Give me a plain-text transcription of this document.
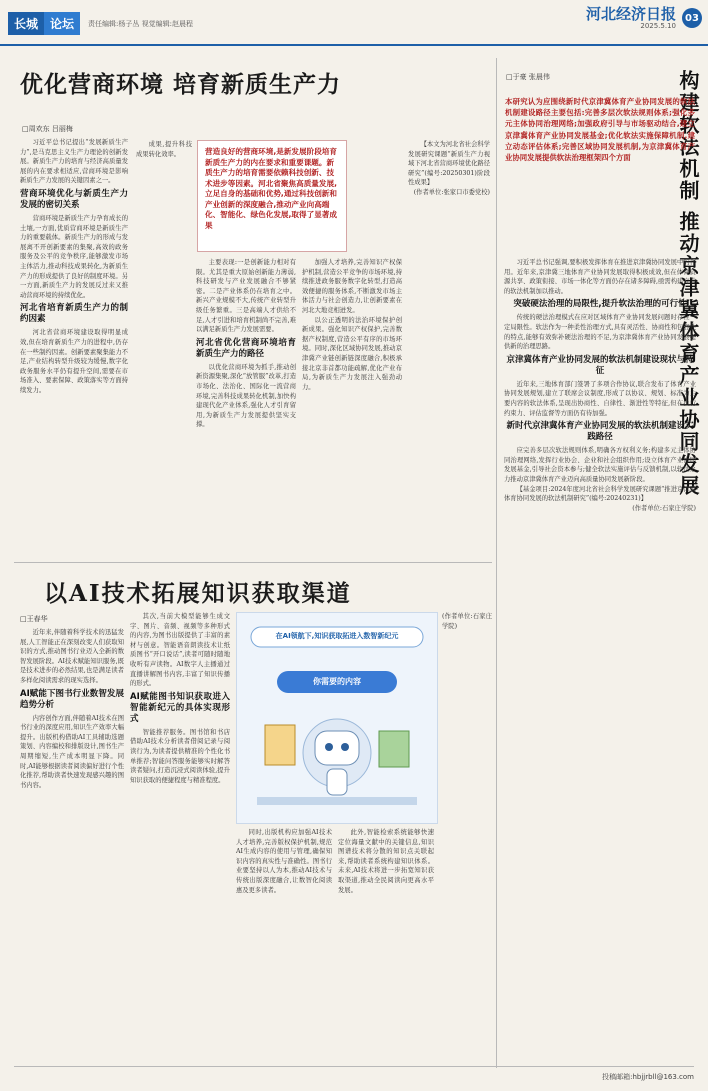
长城	论坛	责任编辑:杨子丛 视觉编辑:赵晨程
河北经济日报
2025.5.10
03
优化营商环境 培育新质生产力
□周欢东 吕丽梅

习近平总书记提出“发展新质生产力”,是马克思主义生产力理论的创新发展。新质生产力的培育与经济高质量发展的内在要求相适应,营商环境是影响新质生产力发展的关键因素之一。

营商环境优化与新质生产力发展的密切关系

营商环境是新质生产力孕育成长的土壤,一方面,优质营商环境是新质生产力的重要载体。新质生产力的形成与发展离不开创新要素的集聚,高效的政务服务及公平的竞争秩序,能够激发市场主体活力,推动科技成果转化,为新质生产力的形成提供了良好的制度环境。另一方面,新质生产力的发展反过来又推动营商环境的持续优化。

河北省培育新质生产力的制约因素

河北省营商环境建设取得明显成效,但在培育新质生产力的进程中,仍存在一些制约因素。创新要素聚集能力不足,产业结构转型升级较为缓慢,数字化政务服务水平仍有提升空间,需要在市场准入、要素保障、政策落实等方面持续发力。

营造良好的营商环境,是新发展阶段培育新质生产力的内在要求和重要课题。新质生产力的培育需要依赖科技创新、技术进步等因素。河北省聚焦高质量发展,立足自身的基础和优势,通过科技创新和产业创新的深度融合,推动产业向高端化、智能化、绿色化发展,取得了显著成果

成果,提升科技成果转化效率。

主要表现:一是创新能力相对有限。尤其是重大原始创新能力薄弱,科技研发与产业发展融合不够紧密。二是产业体系仍在培育之中。新兴产业规模不大,传统产业转型升级任务繁重。三是高端人才供给不足,人才引进和培育机制尚不完善,难以满足新质生产力发展需要。

河北省优化营商环境培育新质生产力的路径

以优化营商环境为抓手,推动创新资源集聚,深化“放管服”改革,打造市场化、法治化、国际化一流营商环境,完善科技成果转化机制,加快构建现代化产业体系,强化人才引育留用,为新质生产力发展提供坚实支撑。

加强人才培养,完善知识产权保护机制,营造公平竞争的市场环境,持续推进政务服务数字化转型,打造高效便捷的服务体系,不断激发市场主体活力与社会创造力,让创新要素在河北大地竞相迸发。

以公正透明的法治环境保护创新成果。强化知识产权保护,完善数据产权制度,营造公平有序的市场环境。同时,深化区域协同发展,推动京津冀产业链创新链深度融合,积极承接北京非首都功能疏解,优化产业布局,为新质生产力发展注入强劲动力。

【本文为河北省社会科学发展研究课题“新质生产力视域下河北省营商环境优化路径研究”(编号:20250301)阶段性成果】

(作者单位:张家口市委党校)
以AI技术拓展知识获取渠道
□王春华

近年来,伴随着科学技术的迅猛发展,人工智能正在深刻改变人们获取知识的方式,推动图书行业迈入全新的数智发展阶段。AI技术赋能知识服务,既是技术进步的必然结果,也是满足读者多样化阅读需求的现实选择。

AI赋能下图书行业数智发展趋势分析

内容创作方面,伴随着AI技术在图书行业的深度应用,知识生产效率大幅提升。出版机构借助AI工具辅助选题策划、内容编校和排版设计,图书生产周期缩短,生产成本明显下降。同时,AI能够根据读者阅读偏好进行个性化推荐,帮助读者快速发现感兴趣的图书内容。

其次,当前大模型能够生成文字、图片、音频、视频等多种形式的内容,为图书出版提供了丰富的素材与创意。智能语音朗读技术让纸质图书“开口说话”,读者可随时随地收听有声读物。AI数字人主播通过直播讲解图书内容,丰富了知识传播的形式。

AI赋能图书知识获取进入智能新纪元的具体实现形式

智能推荐服务。图书馆和书店借助AI技术分析读者借阅记录与阅读行为,为读者提供精准的个性化书单推荐;智能问答服务能够实时解答读者疑问,打造沉浸式阅读体验,提升知识获取的便捷程度与精准程度。

在AI领航下,知识获取拓进入数智新纪元
你需要的内容

同时,出版机构应加强AI技术人才培养,完善版权保护机制,规范AI生成内容的使用与管理,确保知识内容的真实性与准确性。图书行业要坚持以人为本,推动AI技术与传统出版深度融合,让数智化阅读惠及更多读者。

此外,智能检索系统能够快速定位海量文献中的关键信息,知识图谱技术将分散的知识点关联起来,帮助读者系统构建知识体系。未来,AI技术将进一步拓宽知识获取渠道,推动全民阅读向更高水平发展。

(作者单位:石家庄学院)

构建软法机制 推动京津冀体育产业协同发展
□于豪 张晨伟
本研究认为应围绕新时代京津冀体育产业协同发展的软法机制建设路径主要包括:完善多层次软法规则体系;强化多元主体协同治理网络;加强政府引导与市场驱动结合,建立京津冀体育产业协同发展基金;优化软法实施保障机制,建立动态评估体系;完善区域协同发展机制,为京津冀体育产业协同发展提供软法治理框架四个方面

习近平总书记强调,要积极发挥体育在推进京津冀协同发展中的作用。近年来,京津冀三地体育产业协同发展取得积极成效,但在体育资源共享、政策衔接、市场一体化等方面仍存在诸多障碍,亟需构建完善的软法机制加以推动。

突破硬法治理的局限性,提升软法治理的可行性

传统的硬法治理模式在应对区域体育产业协同发展问题时存在一定局限性。软法作为一种柔性治理方式,具有灵活性、协商性和包容性的特点,能够有效弥补硬法治理的不足,为京津冀体育产业协同发展提供新的治理思路。

京津冀体育产业协同发展的软法机制建设现状与特征

近年来,三地体育部门签署了多项合作协议,联合发布了体育产业协同发展规划,建立了联席会议制度,形成了以协议、规划、标准为主要内容的软法体系,呈现出协商性、自律性、渐进性等特征,但在执行约束力、评估监督等方面仍有待加强。

新时代京津冀体育产业协同发展的软法机制建设实践路径

应完善多层次软法规则体系,明确各方权利义务;构建多元主体协同治理网络,发挥行业协会、企业和社会组织作用;设立体育产业协同发展基金,引导社会资本参与;健全软法实施评估与反馈机制,以软法之力推动京津冀体育产业迈向高质量协同发展新阶段。

【基金项目:2024年度河北省社会科学发展研究课题“推进京津冀体育协同发展的软法机制研究”(编号:20240231)】

(作者单位:石家庄学院)
投稿邮箱:hbjjrbll@163.com
